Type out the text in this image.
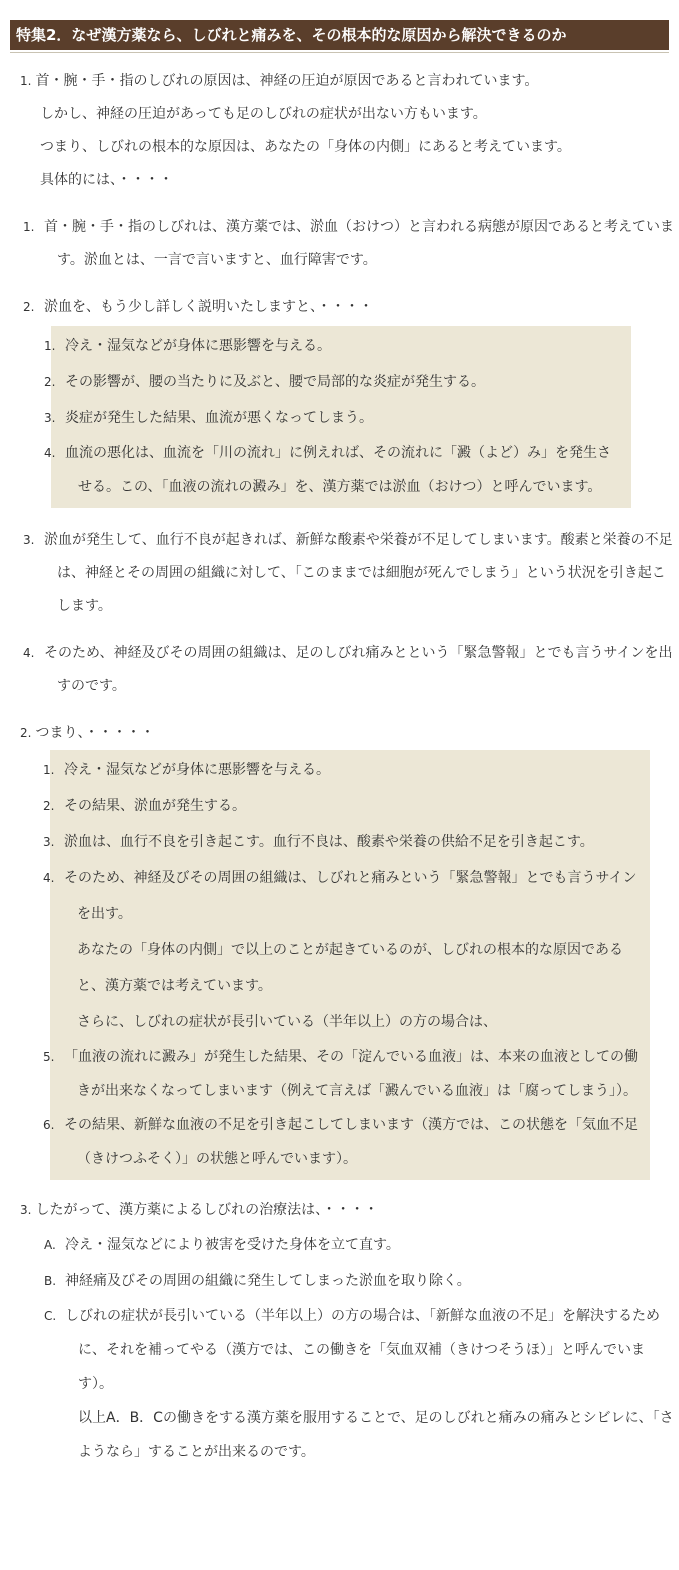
特集2．なぜ漢方薬なら、しびれと痛みを、その根本的な原因から解決できるのか
1. 首・腕・手・指のしびれの原因は、神経の圧迫が原因であると言われています。
しかし、神経の圧迫があっても足のしびれの症状が出ない方もいます。
つまり、しびれの根本的な原因は、あなたの「身体の内側」にあると考えています。
具体的には、・・・・
1. 首・腕・手・指のしびれは、漢方薬では、淤血（おけつ）と言われる病態が原因であると考えています。淤血とは、一言で言いますと、血行障害です。
2. 淤血を、もう少し詳しく説明いたしますと、・・・・
1. 冷え・湿気などが身体に悪影響を与える。
2. その影響が、腰の当たりに及ぶと、腰で局部的な炎症が発生する。
3. 炎症が発生した結果、血流が悪くなってしまう。
4. 血流の悪化は、血流を「川の流れ」に例えれば、その流れに「澱（よど）み」を発生させる。この、「血液の流れの澱み」を、漢方薬では淤血（おけつ）と呼んでいます。
3. 淤血が発生して、血行不良が起きれば、新鮮な酸素や栄養が不足してしまいます。酸素と栄養の不足は、神経とその周囲の組織に対して、「このままでは細胞が死んでしまう」という状況を引き起こします。
4. そのため、神経及びその周囲の組織は、足のしびれ痛みとという「緊急警報」とでも言うサインを出すのです。
2. つまり、・・・・・
1. 冷え・湿気などが身体に悪影響を与える。
2. その結果、淤血が発生する。
3. 淤血は、血行不良を引き起こす。血行不良は、酸素や栄養の供給不足を引き起こす。
4. そのため、神経及びその周囲の組織は、しびれと痛みという「緊急警報」とでも言うサインを出す。
あなたの「身体の内側」で以上のことが起きているのが、しびれの根本的な原因であると、漢方薬では考えています。
さらに、しびれの症状が長引いている（半年以上）の方の場合は、
5. 「血液の流れに澱み」が発生した結果、その「淀んでいる血液」は、本来の血液としての働きが出来なくなってしまいます（例えて言えば「澱んでいる血液」は「腐ってしまう」）。
6. その結果、新鮮な血液の不足を引き起こしてしまいます（漢方では、この状態を「気血不足（きけつふそく）」の状態と呼んでいます）。
3. したがって、漢方薬によるしびれの治療法は、・・・・
A. 冷え・湿気などにより被害を受けた身体を立て直す。
B. 神経痛及びその周囲の組織に発生してしまった淤血を取り除く。
C. しびれの症状が長引いている（半年以上）の方の場合は、「新鮮な血液の不足」を解決するために、それを補ってやる（漢方では、この働きを「気血双補（きけつそうほ）」と呼んでいます）。
以上A．B．Cの働きをする漢方薬を服用することで、足のしびれと痛みの痛みとシビレに、「さようなら」することが出来るのです。
